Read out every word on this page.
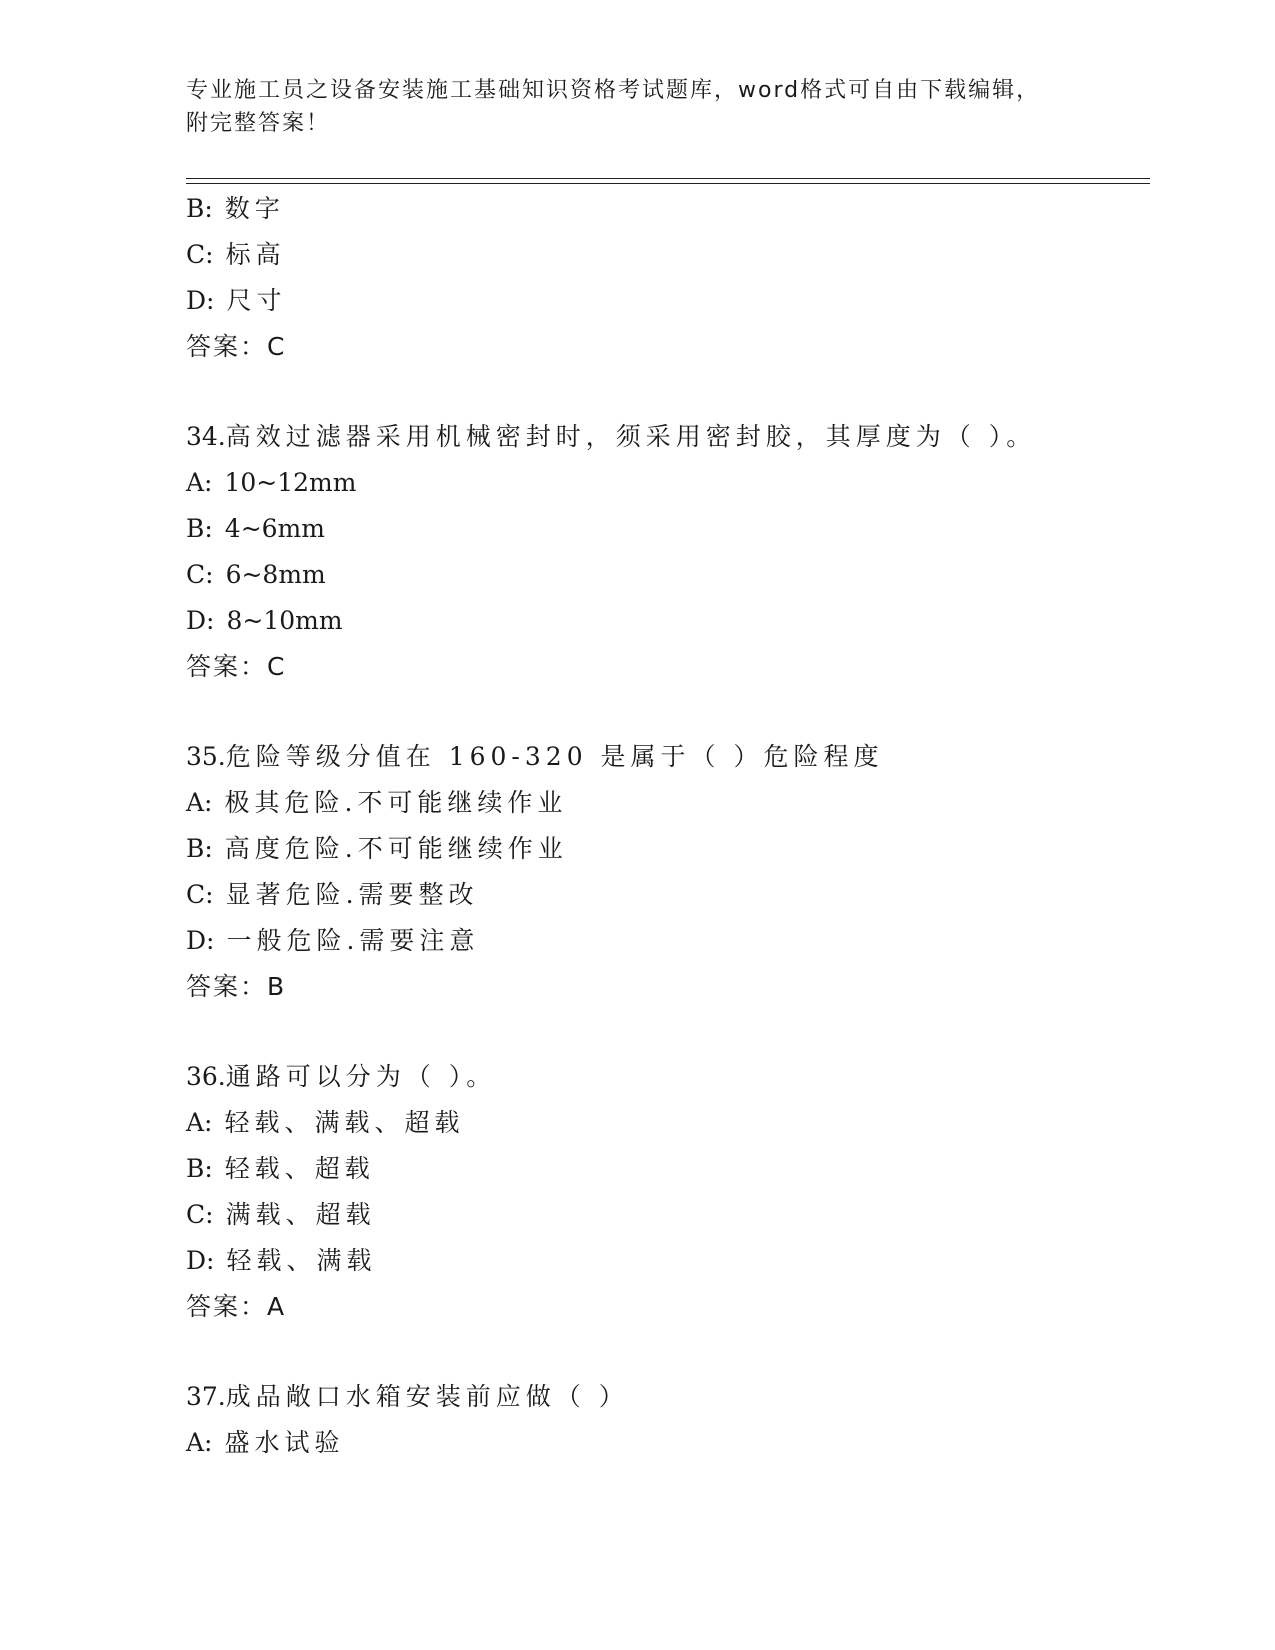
专业施工员之设备安装施工基础知识资格考试题库，word格式可自由下载编辑，
附完整答案！
B: 数字
C: 标高
D: 尺寸
答案：C
34.高效过滤器采用机械密封时，须采用密封胶，其厚度为（ ）。
A: 10~12mm
B: 4~6mm
C: 6~8mm
D: 8~10mm
答案：C
35.危险等级分值在 160-320 是属于（ ）危险程度
A: 极其危险.不可能继续作业
B: 高度危险.不可能继续作业
C: 显著危险.需要整改
D: 一般危险.需要注意
答案：B
36.通路可以分为（ ）。
A: 轻载、满载、超载
B: 轻载、超载
C: 满载、超载
D: 轻载、满载
答案：A
37.成品敞口水箱安装前应做（ ）
A: 盛水试验
